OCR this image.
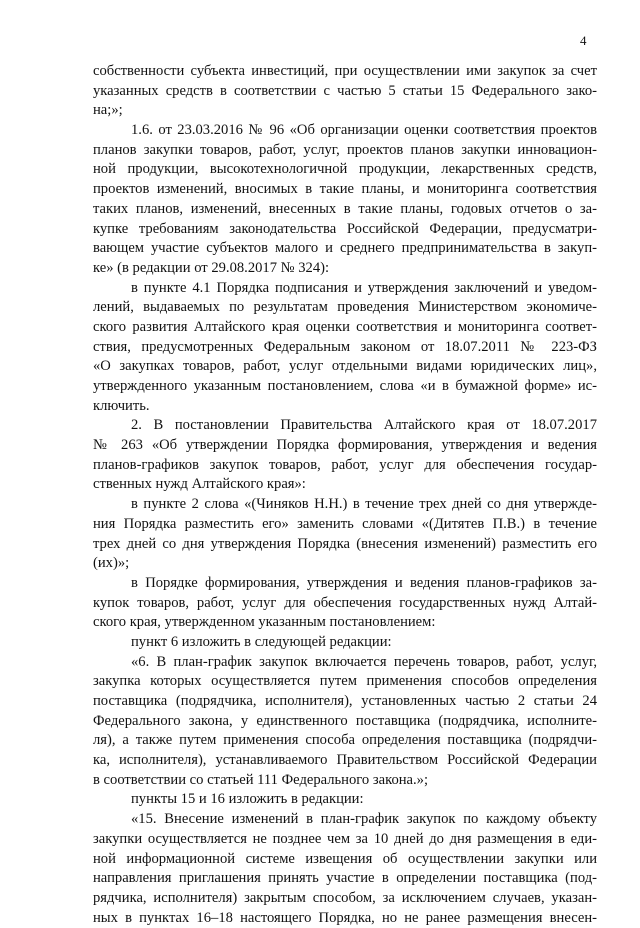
4
собственности субъекта инвестиций, при осуществлении ими закупок за счет
указанных средств в соответствии с частью 5 статьи 15 Федерального зако-
на;»;
1.6. от 23.03.2016 № 96 «Об организации оценки соответствия проектов
планов закупки товаров, работ, услуг, проектов планов закупки инновацион-
ной продукции, высокотехнологичной продукции, лекарственных средств,
проектов изменений, вносимых в такие планы, и мониторинга соответствия
таких планов, изменений, внесенных в такие планы, годовых отчетов о за-
купке требованиям законодательства Российской Федерации, предусматри-
вающем участие субъектов малого и среднего предпринимательства в закуп-
ке» (в редакции от 29.08.2017 № 324):
в пункте 4.1 Порядка подписания и утверждения заключений и уведом-
лений, выдаваемых по результатам проведения Министерством экономиче-
ского развития Алтайского края оценки соответствия и мониторинга соответ-
ствия, предусмотренных Федеральным законом от 18.07.2011 № 223-ФЗ
«О закупках товаров, работ, услуг отдельными видами юридических лиц»,
утвержденного указанным постановлением, слова «и в бумажной форме» ис-
ключить.
2. В постановлении Правительства Алтайского края от 18.07.2017
№ 263 «Об утверждении Порядка формирования, утверждения и ведения
планов-графиков закупок товаров, работ, услуг для обеспечения государ-
ственных нужд Алтайского края»:
в пункте 2 слова «(Чиняков Н.Н.) в течение трех дней со дня утвержде-
ния Порядка разместить его» заменить словами «(Дитятев П.В.) в течение
трех дней со дня утверждения Порядка (внесения изменений) разместить его
(их)»;
в Порядке формирования, утверждения и ведения планов-графиков за-
купок товаров, работ, услуг для обеспечения государственных нужд Алтай-
ского края, утвержденном указанным постановлением:
пункт 6 изложить в следующей редакции:
«6. В план-график закупок включается перечень товаров, работ, услуг,
закупка которых осуществляется путем применения способов определения
поставщика (подрядчика, исполнителя), установленных частью 2 статьи 24
Федерального закона, у единственного поставщика (подрядчика, исполните-
ля), а также путем применения способа определения поставщика (подрядчи-
ка, исполнителя), устанавливаемого Правительством Российской Федерации
в соответствии со статьей 111 Федерального закона.»;
пункты 15 и 16 изложить в редакции:
«15. Внесение изменений в план-график закупок по каждому объекту
закупки осуществляется не позднее чем за 10 дней до дня размещения в еди-
ной информационной системе извещения об осуществлении закупки или
направления приглашения принять участие в определении поставщика (под-
рядчика, исполнителя) закрытым способом, за исключением случаев, указан-
ных в пунктах 16–18 настоящего Порядка, но не ранее размещения внесен-
